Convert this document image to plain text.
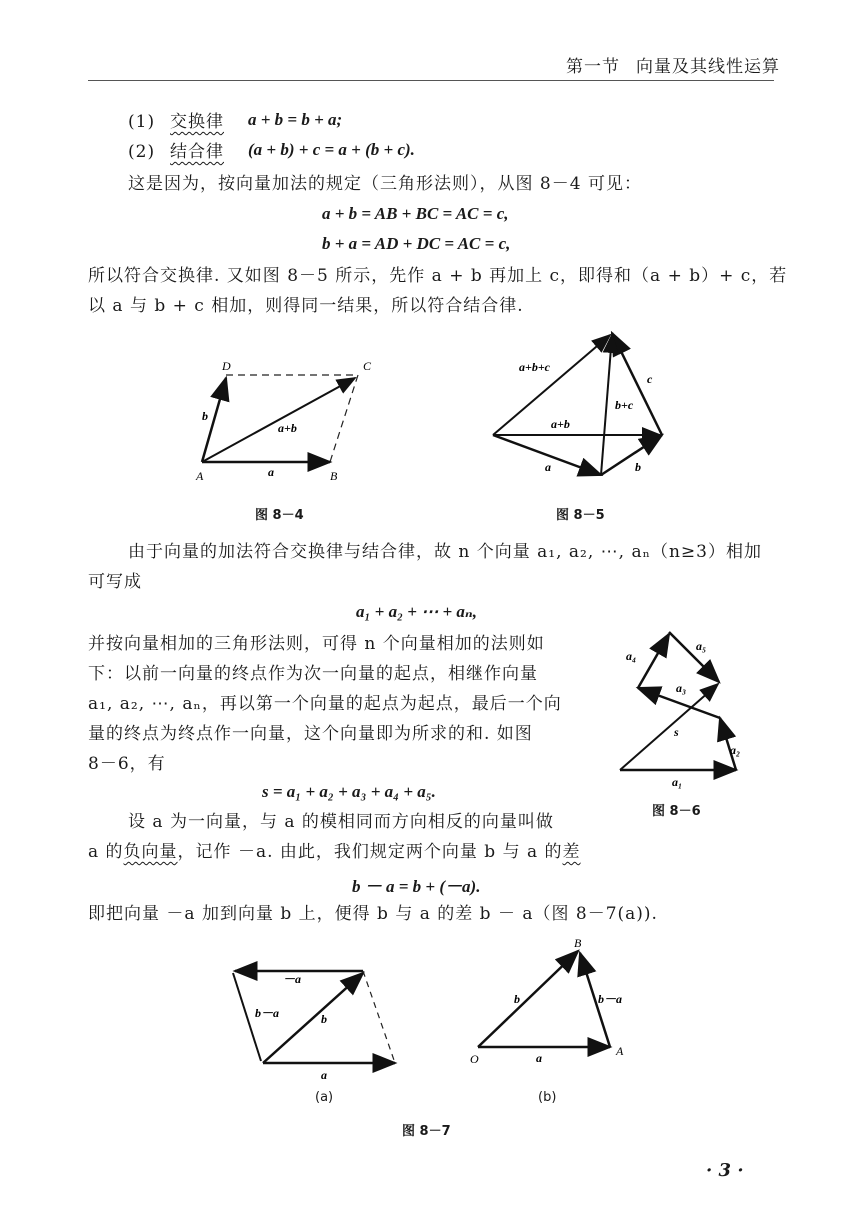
第一节 向量及其线性运算
(1) 交换律 a + b = b + a;
(2) 结合律 (a + b) + c = a + (b + c).
这是因为，按向量加法的规定（三角形法则），从图 8－4 可见：
a + b = AB + BC = AC = c,
b + a = AD + DC = AC = c,
所以符合交换律. 又如图 8－5 所示，先作 a + b 再加上 c，即得和（a + b）+ c，若
以 a 与 b + c 相加，则得同一结果，所以符合结合律.
A	B
C
D
a
b
a+b
图 8－4
a+b+c
c
b+c
a+b
a	b
图 8－5
由于向量的加法符合交换律与结合律，故 n 个向量 a₁, a₂, ⋯, aₙ（n≥3）相加
可写成
a₁ + a₂ + ⋯ + aₙ,
并按向量相加的三角形法则，可得 n 个向量相加的法则如
下：以前一向量的终点作为次一向量的起点，相继作向量
a₁, a₂, ⋯, aₙ，再以第一个向量的起点为起点，最后一个向
量的终点为终点作一向量，这个向量即为所求的和. 如图
8－6，有
s = a₁ + a₂ + a₃ + a₄ + a₅.	a₁
a₂
a₃
a₄
a₅
s
图 8－6
设 a 为一向量，与 a 的模相同而方向相反的向量叫做
a 的负向量，记作 －a. 由此，我们规定两个向量 b 与 a 的差
b － a = b + (－a).
即把向量 －a 加到向量 b 上，便得 b 与 a 的差 b － a（图 8－7(a)).
－a
b－a	b
a
(a)
O
A
B
b	b－a
a
(b)
图 8－7
· 3 ·
